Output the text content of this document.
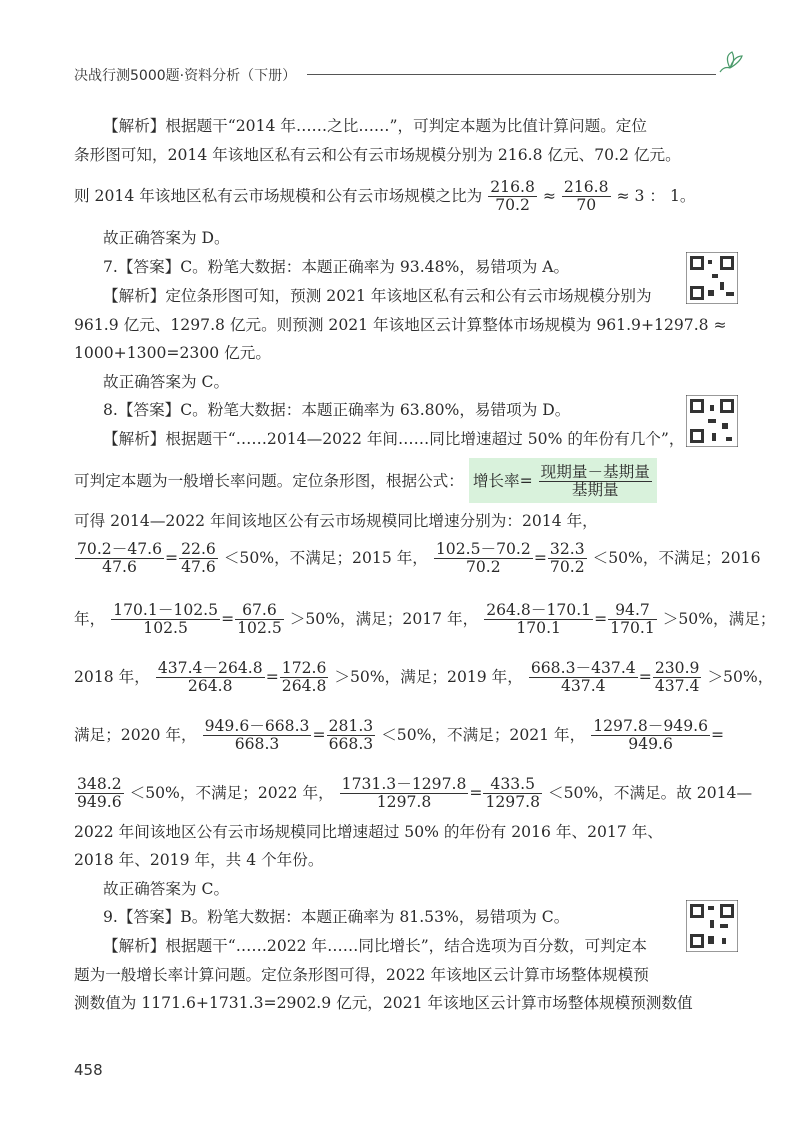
决战行测5000题·资料分析（下册）
【解析】根据题干“2014 年……之比……”，可判定本题为比值计算问题。定位
条形图可知，2014 年该地区私有云和公有云市场规模分别为 216.8 亿元、70.2 亿元。
则 2014 年该地区私有云市场规模和公有云市场规模之比为 $\frac{216.8}{70.2} \approx \frac{216.8}{70} \approx 3$ ： 1。
故正确答案为 D。
7.【答案】C。粉笔大数据：本题正确率为 93.48%，易错项为 A。
【解析】定位条形图可知，预测 2021 年该地区私有云和公有云市场规模分别为
961.9 亿元、1297.8 亿元。则预测 2021 年该地区云计算整体市场规模为 961.9+1297.8 ≈
1000+1300=2300 亿元。
故正确答案为 C。
8.【答案】C。粉笔大数据：本题正确率为 63.80%，易错项为 D。
【解析】根据题干“……2014—2022 年间……同比增速超过 50% 的年份有几个”，
可判定本题为一般增长率问题。定位条形图，根据公式： 增长率= $\frac{\text{现期量－基期量}}{\text{基期量}}$
可得 2014—2022 年间该地区公有云市场规模同比增速分别为：2014 年，
$\frac{70.2-47.6}{47.6} = \frac{22.6}{47.6} <50\%$，不满足；2015 年， $\frac{102.5-70.2}{70.2} = \frac{32.3}{70.2} <50\%$，不满足；2016
年， $\frac{170.1-102.5}{102.5} = \frac{67.6}{102.5} >50\%$，满足；2017 年， $\frac{264.8-170.1}{170.1} = \frac{94.7}{170.1} >50\%$，满足；
2018 年， $\frac{437.4-264.8}{264.8} = \frac{172.6}{264.8} >50\%$，满足；2019 年， $\frac{668.3-437.4}{437.4} = \frac{230.9}{437.4} >50\%$，
满足；2020 年， $\frac{949.6-668.3}{668.3} = \frac{281.3}{668.3} <50\%$，不满足；2021 年， $\frac{1297.8-949.6}{949.6}$ =
$\frac{348.2}{949.6} <50\%$，不满足；2022 年， $\frac{1731.3-1297.8}{1297.8} = \frac{433.5}{1297.8} <50\%$，不满足。故 2014—
2022 年间该地区公有云市场规模同比增速超过 50% 的年份有 2016 年、2017 年、
2018 年、2019 年，共 4 个年份。
故正确答案为 C。
9.【答案】B。粉笔大数据：本题正确率为 81.53%，易错项为 C。
【解析】根据题干“……2022 年……同比增长”，结合选项为百分数，可判定本
题为一般增长率计算问题。定位条形图可得，2022 年该地区云计算市场整体规模预
测数值为 1171.6+1731.3=2902.9 亿元，2021 年该地区云计算市场整体规模预测数值
458
